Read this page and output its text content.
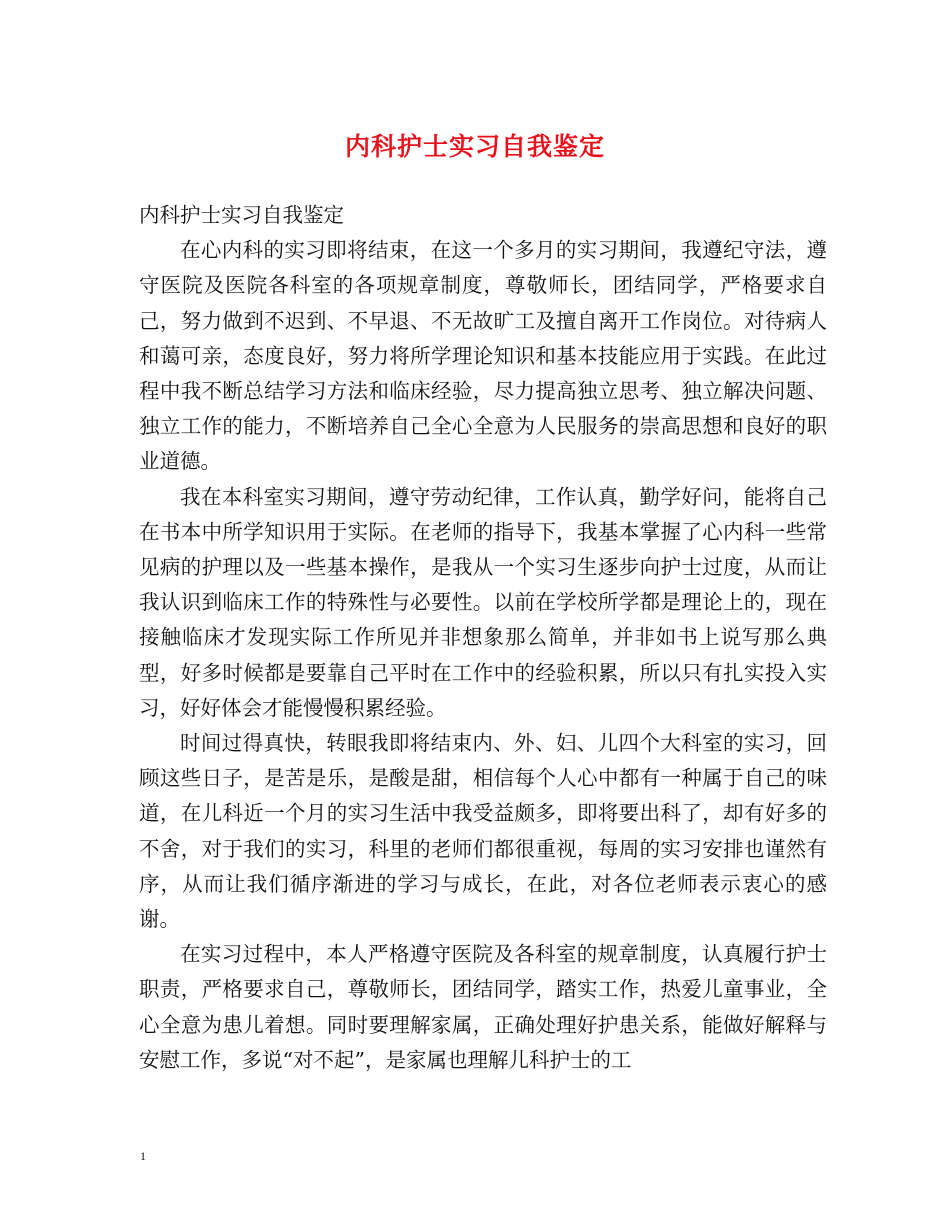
内科护士实习自我鉴定

内科护士实习自我鉴定

在心内科的实习即将结束，在这一个多月的实习期间，我遵纪守法，遵守医院及医院各科室的各项规章制度，尊敬师长，团结同学，严格要求自己，努力做到不迟到、不早退、不无故旷工及擅自离开工作岗位。对待病人和蔼可亲，态度良好，努力将所学理论知识和基本技能应用于实践。在此过程中我不断总结学习方法和临床经验，尽力提高独立思考、独立解决问题、独立工作的能力，不断培养自己全心全意为人民服务的崇高思想和良好的职业道德。

我在本科室实习期间，遵守劳动纪律，工作认真，勤学好问，能将自己在书本中所学知识用于实际。在老师的指导下，我基本掌握了心内科一些常见病的护理以及一些基本操作，是我从一个实习生逐步向护士过度，从而让我认识到临床工作的特殊性与必要性。以前在学校所学都是理论上的，现在接触临床才发现实际工作所见并非想象那么简单，并非如书上说写那么典型，好多时候都是要靠自己平时在工作中的经验积累，所以只有扎实投入实习，好好体会才能慢慢积累经验。

时间过得真快，转眼我即将结束内、外、妇、儿四个大科室的实习，回顾这些日子，是苦是乐，是酸是甜，相信每个人心中都有一种属于自己的味道，在儿科近一个月的实习生活中我受益颇多，即将要出科了，却有好多的不舍，对于我们的实习，科里的老师们都很重视，每周的实习安排也谨然有序，从而让我们循序渐进的学习与成长，在此，对各位老师表示衷心的感谢。

在实习过程中，本人严格遵守医院及各科室的规章制度，认真履行护士职责，严格要求自己，尊敬师长，团结同学，踏实工作，热爱儿童事业，全心全意为患儿着想。同时要理解家属，正确处理好护患关系，能做好解释与安慰工作，多说“对不起”，是家属也理解儿科护士的工

1
